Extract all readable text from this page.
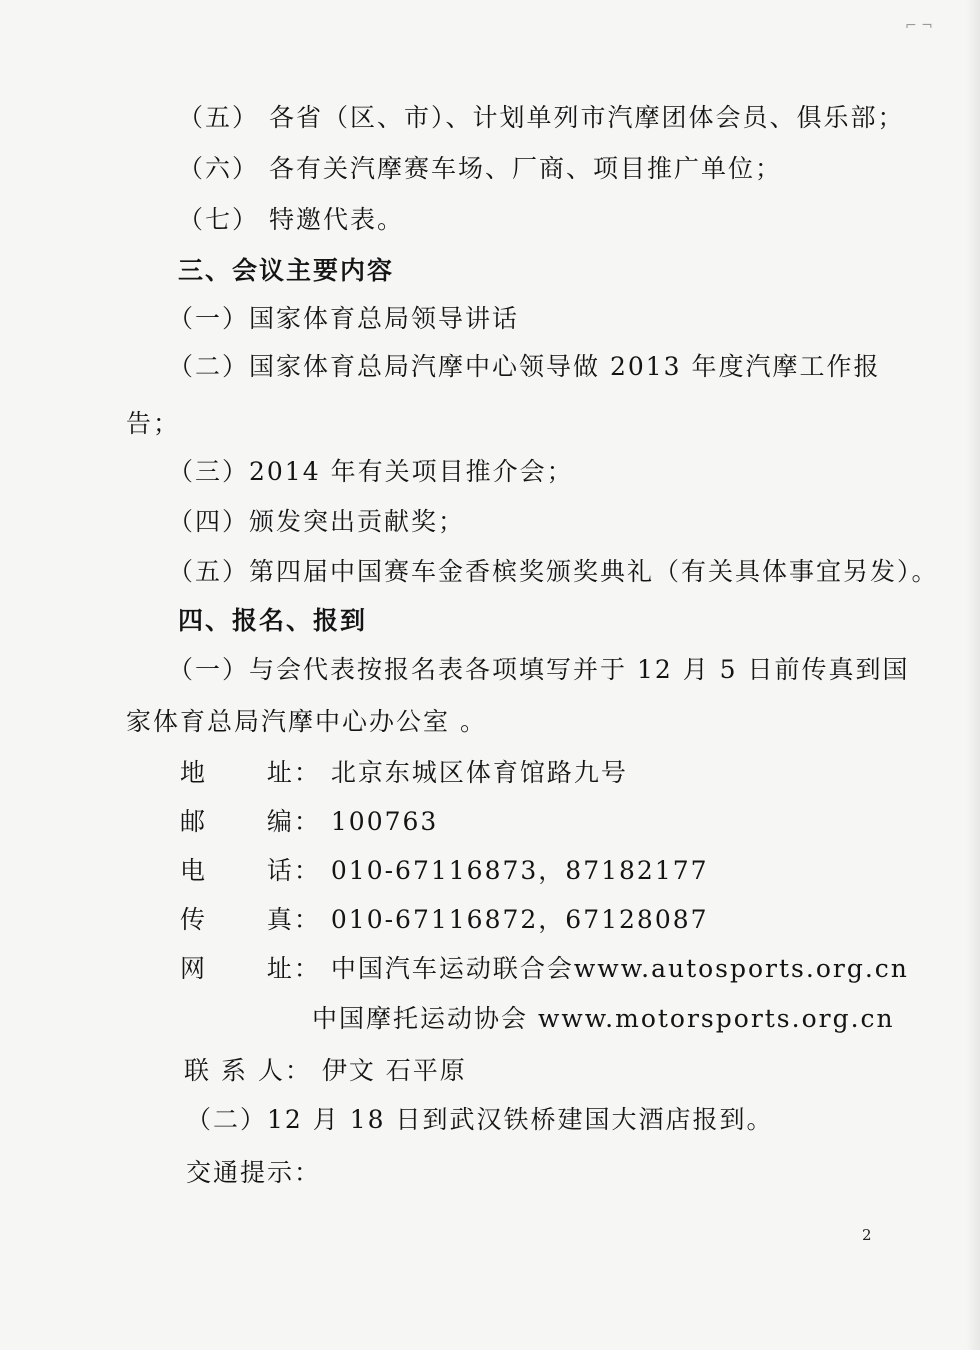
⌐ ¬
（五） 各省（区、市）、计划单列市汽摩团体会员、俱乐部；
（六） 各有关汽摩赛车场、厂商、项目推广单位；
（七） 特邀代表。
三、会议主要内容
（一）国家体育总局领导讲话
（二）国家体育总局汽摩中心领导做 2013 年度汽摩工作报
告；
（三）2014 年有关项目推介会；
（四）颁发突出贡献奖；
（五）第四届中国赛车金香槟奖颁奖典礼（有关具体事宜另发）。
四、报名、报到
（一）与会代表按报名表各项填写并于 12 月 5 日前传真到国
家体育总局汽摩中心办公室 。
地 址： 北京东城区体育馆路九号
邮 编： 100763
电 话： 010-67116873，87182177
传 真： 010-67116872，67128087
网 址： 中国汽车运动联合会www.autosports.org.cn
中国摩托运动协会 www.motorsports.org.cn
联 系 人： 伊文 石平原
（二）12 月 18 日到武汉铁桥建国大酒店报到。
交通提示：
2
